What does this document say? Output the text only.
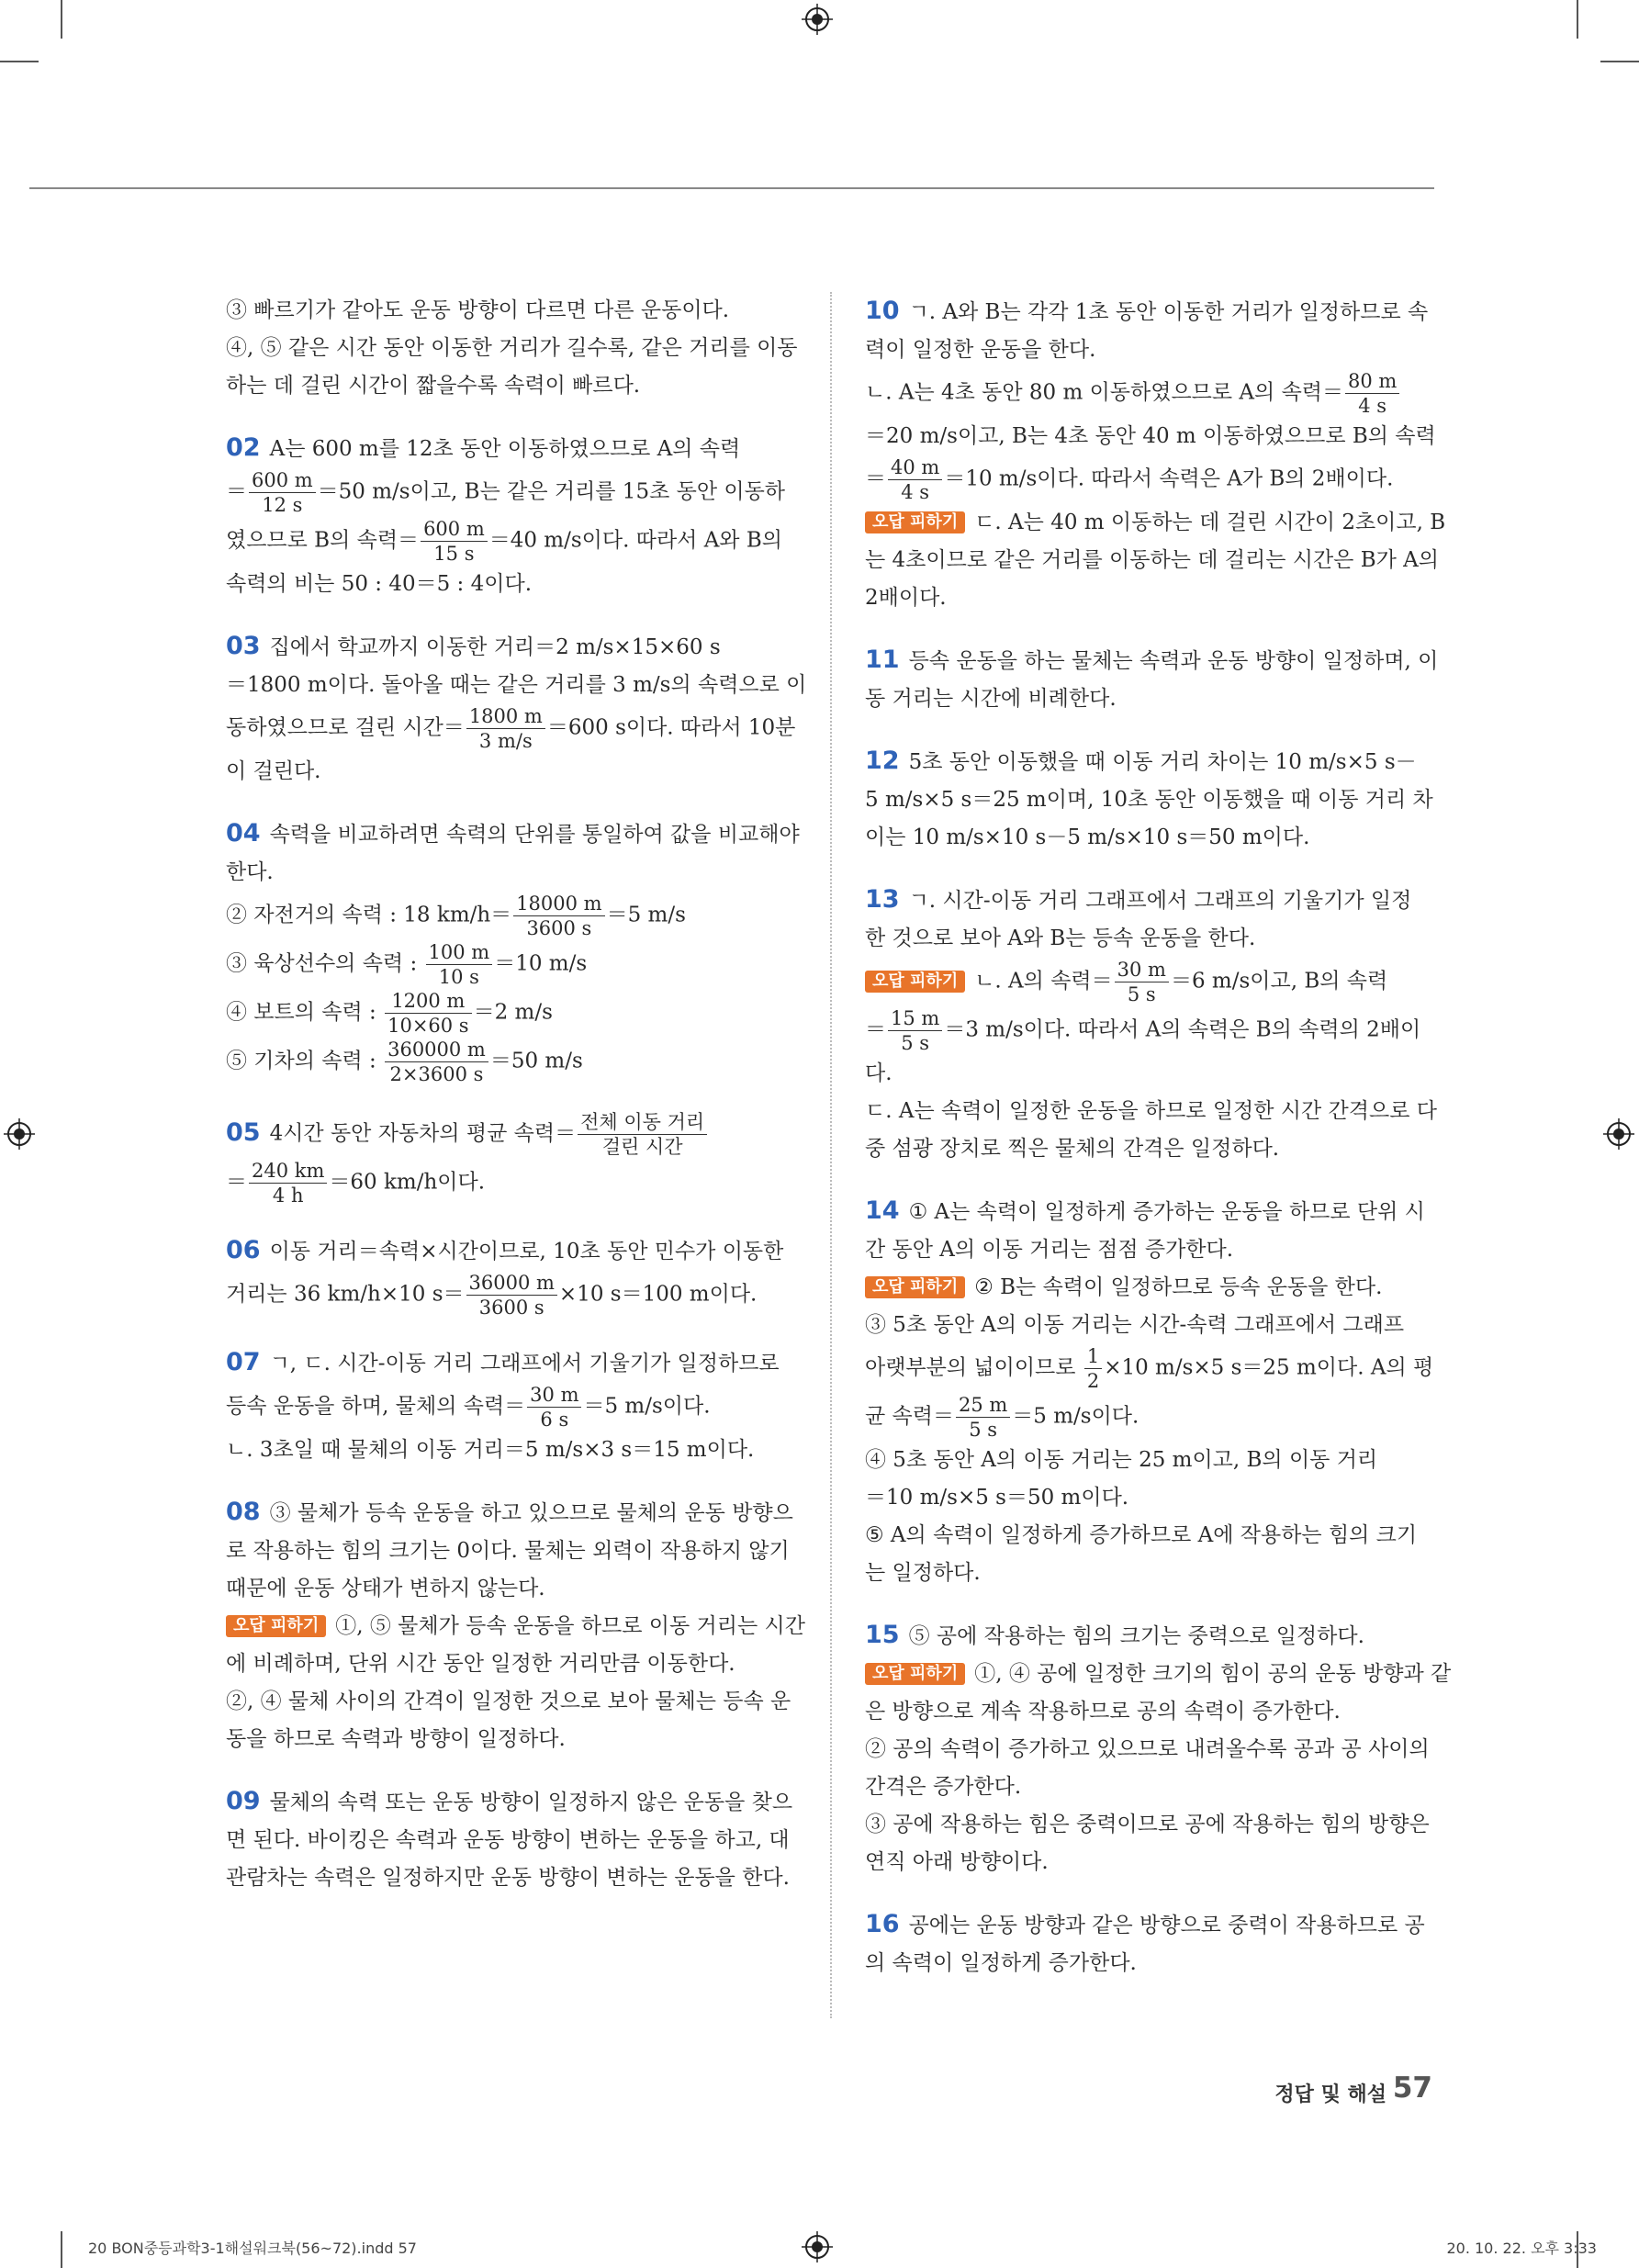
③ 빠르기가 같아도 운동 방향이 다르면 다른 운동이다.
④, ⑤ 같은 시간 동안 이동한 거리가 길수록, 같은 거리를 이동
하는 데 걸린 시간이 짧을수록 속력이 빠르다.
02 A는 600 m를 12초 동안 이동하였으므로 A의 속력
＝ $\frac{600 m}{12 s} =50$ m/s이고, B는 같은 거리를 15초 동안 이동하
였으므로 B의 속력＝ $\frac{600 m}{15 s} =40$ m/s이다. 따라서 A와 B의
속력의 비는 50 : 40＝5 : 4이다.
03 집에서 학교까지 이동한 거리＝2 m/s×15×60 s
＝1800 m이다. 돌아올 때는 같은 거리를 3 m/s의 속력으로 이
동하였으므로 걸린 시간＝ $\frac{1800 m}{3 m/s} =600$ s이다. 따라서 10분
이 걸린다.
04 속력을 비교하려면 속력의 단위를 통일하여 값을 비교해야
한다.
② 자전거의 속력 : 18 $km/h= \frac{18000 m}{3600 s} =5$ m/s
③ 육상선수의 속력 : $\frac{100 m}{10 s} =10$ m/s
④ 보트의 속력 : $\frac{1200 m}{10\times 60 s} =2$ m/s
⑤ 기차의 속력 : $\frac{360000 m}{2\times 3600 s} =50$ m/s
05 4시간 동안 자동차의 평균 속력＝ $\frac{\text{전체 이동 거리}}{\text{걸린 시간}}$
＝ $\frac{240 km}{4 h} =60$ km/h이다.
06 이동 거리＝속력×시간이므로, 10초 동안 민수가 이동한
거리는 36 km/h×10 $s= \frac{36000 m}{3600 s} \times 10$ s＝100 m이다.
07 ㄱ, ㄷ. 시간-이동 거리 그래프에서 기울기가 일정하므로
등속 운동을 하며, 물체의 속력＝ $\frac{30 m}{6 s} =5$ m/s이다.
ㄴ. 3초일 때 물체의 이동 거리＝5 m/s×3 s＝15 m이다.
08 ③ 물체가 등속 운동을 하고 있으므로 물체의 운동 방향으
로 작용하는 힘의 크기는 0이다. 물체는 외력이 작용하지 않기
때문에 운동 상태가 변하지 않는다.
오답 피하기 ①, ⑤ 물체가 등속 운동을 하므로 이동 거리는 시간
에 비례하며, 단위 시간 동안 일정한 거리만큼 이동한다.
②, ④ 물체 사이의 간격이 일정한 것으로 보아 물체는 등속 운
동을 하므로 속력과 방향이 일정하다.
09 물체의 속력 또는 운동 방향이 일정하지 않은 운동을 찾으
면 된다. 바이킹은 속력과 운동 방향이 변하는 운동을 하고, 대
관람차는 속력은 일정하지만 운동 방향이 변하는 운동을 한다.
10 ㄱ. A와 B는 각각 1초 동안 이동한 거리가 일정하므로 속
력이 일정한 운동을 한다.
ㄴ. A는 4초 동안 80 m 이동하였으므로 A의 속력＝ $\frac{80 m}{4 s}$
＝20 m/s이고, B는 4초 동안 40 m 이동하였으므로 B의 속력
＝ $\frac{40 m}{4 s} =10$ m/s이다. 따라서 속력은 A가 B의 2배이다.
오답 피하기 ㄷ. A는 40 m 이동하는 데 걸린 시간이 2초이고, B
는 4초이므로 같은 거리를 이동하는 데 걸리는 시간은 B가 A의
2배이다.
11 등속 운동을 하는 물체는 속력과 운동 방향이 일정하며, 이
동 거리는 시간에 비례한다.
12 5초 동안 이동했을 때 이동 거리 차이는 10 m/s×5 s－
5 m/s×5 s＝25 m이며, 10초 동안 이동했을 때 이동 거리 차
이는 10 m/s×10 s－5 m/s×10 s＝50 m이다.
13 ㄱ. 시간-이동 거리 그래프에서 그래프의 기울기가 일정
한 것으로 보아 A와 B는 등속 운동을 한다.
오답 피하기 ㄴ. A의 속력＝ $\frac{30 m}{5 s} =6$ m/s이고, B의 속력
＝ $\frac{15 m}{5 s} =3$ m/s이다. 따라서 A의 속력은 B의 속력의 2배이
다.
ㄷ. A는 속력이 일정한 운동을 하므로 일정한 시간 간격으로 다
중 섬광 장치로 찍은 물체의 간격은 일정하다.
14 ① A는 속력이 일정하게 증가하는 운동을 하므로 단위 시
간 동안 A의 이동 거리는 점점 증가한다.
오답 피하기 ② B는 속력이 일정하므로 등속 운동을 한다.
③ 5초 동안 A의 이동 거리는 시간-속력 그래프에서 그래프
아랫부분의 넓이이므로 $\frac{1}{2} \times 10$ m/s×5 s＝25 m이다. A의 평
균 속력＝ $\frac{25 m}{5 s} =5$ m/s이다.
④ 5초 동안 A의 이동 거리는 25 m이고, B의 이동 거리
＝10 m/s×5 s＝50 m이다.
⑤ A의 속력이 일정하게 증가하므로 A에 작용하는 힘의 크기
는 일정하다.
15 ⑤ 공에 작용하는 힘의 크기는 중력으로 일정하다.
오답 피하기 ①, ④ 공에 일정한 크기의 힘이 공의 운동 방향과 같
은 방향으로 계속 작용하므로 공의 속력이 증가한다.
② 공의 속력이 증가하고 있으므로 내려올수록 공과 공 사이의
간격은 증가한다.
③ 공에 작용하는 힘은 중력이므로 공에 작용하는 힘의 방향은
연직 아래 방향이다.
16 공에는 운동 방향과 같은 방향으로 중력이 작용하므로 공
의 속력이 일정하게 증가한다.
정답 및 해설 57
20 BON중등과학3-1해설워크북(56~72).indd 57	20. 10. 22. 오후 3:33
